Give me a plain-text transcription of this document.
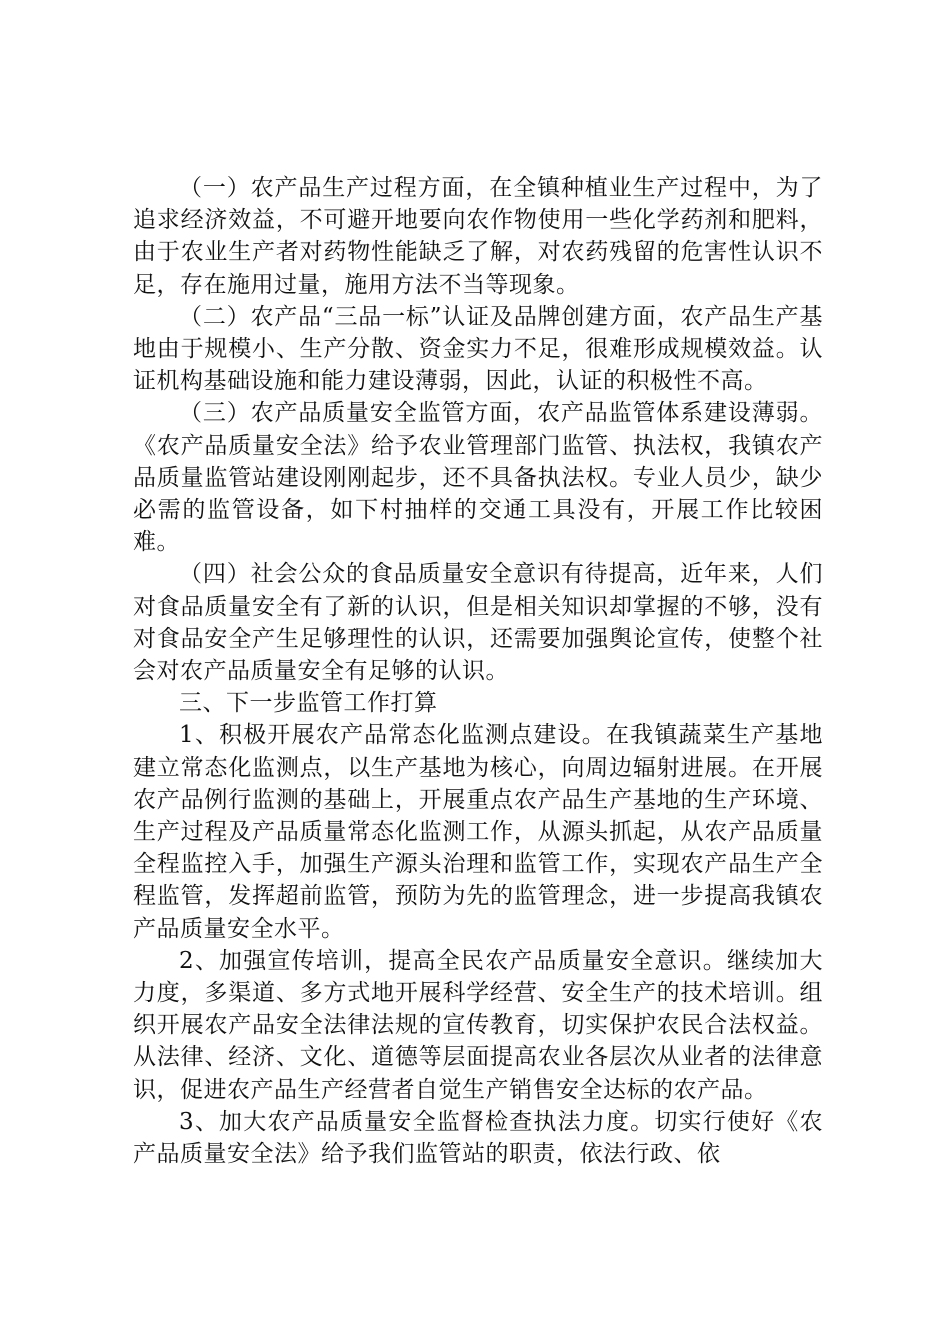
（一）农产品生产过程方面，在全镇种植业生产过程中，为了追求经济效益，不可避开地要向农作物使用一些化学药剂和肥料，由于农业生产者对药物性能缺乏了解，对农药残留的危害性认识不足，存在施用过量，施用方法不当等现象。

（二）农产品“三品一标”认证及品牌创建方面，农产品生产基地由于规模小、生产分散、资金实力不足，很难形成规模效益。认证机构基础设施和能力建设薄弱，因此，认证的积极性不高。

（三）农产品质量安全监管方面，农产品监管体系建设薄弱。《农产品质量安全法》给予农业管理部门监管、执法权，我镇农产品质量监管站建设刚刚起步，还不具备执法权。专业人员少，缺少必需的监管设备，如下村抽样的交通工具没有，开展工作比较困难。

（四）社会公众的食品质量安全意识有待提高，近年来，人们对食品质量安全有了新的认识，但是相关知识却掌握的不够，没有对食品安全产生足够理性的认识，还需要加强舆论宣传，使整个社会对农产品质量安全有足够的认识。

三、下一步监管工作打算

1、积极开展农产品常态化监测点建设。在我镇蔬菜生产基地建立常态化监测点，以生产基地为核心，向周边辐射进展。在开展农产品例行监测的基础上，开展重点农产品生产基地的生产环境、生产过程及产品质量常态化监测工作，从源头抓起，从农产品质量全程监控入手，加强生产源头治理和监管工作，实现农产品生产全程监管，发挥超前监管，预防为先的监管理念，进一步提高我镇农产品质量安全水平。

2、加强宣传培训，提高全民农产品质量安全意识。继续加大力度，多渠道、多方式地开展科学经营、安全生产的技术培训。组织开展农产品安全法律法规的宣传教育，切实保护农民合法权益。从法律、经济、文化、道德等层面提高农业各层次从业者的法律意识，促进农产品生产经营者自觉生产销售安全达标的农产品。

3、加大农产品质量安全监督检查执法力度。切实行使好《农产品质量安全法》给予我们监管站的职责，依法行政、依
